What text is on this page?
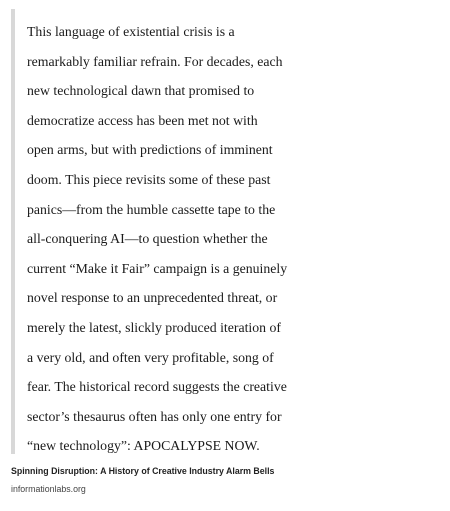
This language of existential crisis is a
remarkably familiar refrain. For decades, each
new technological dawn that promised to
democratize access has been met not with
open arms, but with predictions of imminent
doom. This piece revisits some of these past
panics—from the humble cassette tape to the
all-conquering AI—to question whether the
current “Make it Fair” campaign is a genuinely
novel response to an unprecedented threat, or
merely the latest, slickly produced iteration of
a very old, and often very profitable, song of
fear. The historical record suggests the creative
sector’s thesaurus often has only one entry for
“new technology”: APOCALYPSE NOW.

Spinning Disruption: A History of Creative Industry Alarm Bells
informationlabs.org
